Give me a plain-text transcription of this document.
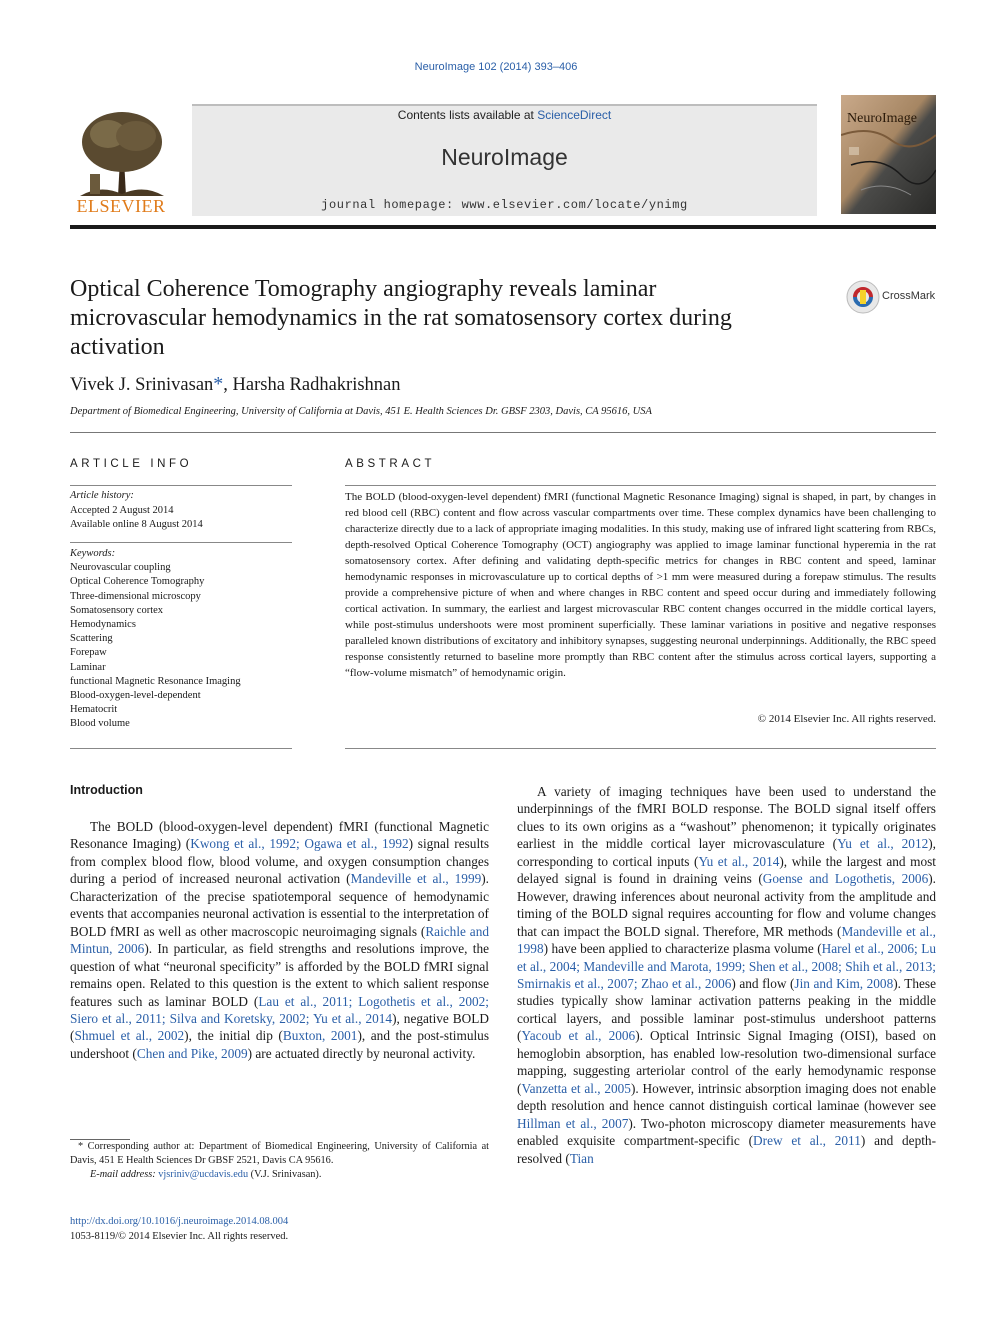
NeuroImage 102 (2014) 393–406
ELSEVIER
Contents lists available at ScienceDirect
NeuroImage
journal homepage: www.elsevier.com/locate/ynimg
NeuroImage
Optical Coherence Tomography angiography reveals laminar microvascular hemodynamics in the rat somatosensory cortex during activation
CrossMark
Vivek J. Srinivasan*, Harsha Radhakrishnan
Department of Biomedical Engineering, University of California at Davis, 451 E. Health Sciences Dr. GBSF 2303, Davis, CA 95616, USA
ARTICLE INFO
Article history:
Accepted 2 August 2014
Available online 8 August 2014
Keywords:
Neurovascular coupling
Optical Coherence Tomography
Three-dimensional microscopy
Somatosensory cortex
Hemodynamics
Scattering
Forepaw
Laminar
functional Magnetic Resonance Imaging
Blood-oxygen-level-dependent
Hematocrit
Blood volume
ABSTRACT
The BOLD (blood-oxygen-level dependent) fMRI (functional Magnetic Resonance Imaging) signal is shaped, in part, by changes in red blood cell (RBC) content and flow across vascular compartments over time. These complex dynamics have been challenging to characterize directly due to a lack of appropriate imaging modalities. In this study, making use of infrared light scattering from RBCs, depth-resolved Optical Coherence Tomography (OCT) angiography was applied to image laminar functional hyperemia in the rat somatosensory cortex. After defining and validating depth-specific metrics for changes in RBC content and speed, laminar hemodynamic responses in microvasculature up to cortical depths of >1 mm were measured during a forepaw stimulus. The results provide a comprehensive picture of when and where changes in RBC content and speed occur during and immediately following cortical activation. In summary, the earliest and largest microvascular RBC content changes occurred in the middle cortical layers, while post-stimulus undershoots were most prominent superficially. These laminar variations in positive and negative responses paralleled known distributions of excitatory and inhibitory synapses, suggesting neuronal underpinnings. Additionally, the RBC speed response consistently returned to baseline more promptly than RBC content after the stimulus across cortical layers, supporting a “flow-volume mismatch” of hemodynamic origin.
© 2014 Elsevier Inc. All rights reserved.
Introduction

The BOLD (blood-oxygen-level dependent) fMRI (functional Magnetic Resonance Imaging) (Kwong et al., 1992; Ogawa et al., 1992) signal results from complex blood flow, blood volume, and oxygen consumption changes during a period of increased neuronal activation (Mandeville et al., 1999). Characterization of the precise spatiotemporal sequence of hemodynamic events that accompanies neuronal activation is essential to the interpretation of BOLD fMRI as well as other macroscopic neuroimaging signals (Raichle and Mintun, 2006). In particular, as field strengths and resolutions improve, the question of what “neuronal specificity” is afforded by the BOLD fMRI signal remains open. Related to this question is the extent to which salient response features such as laminar BOLD (Lau et al., 2011; Logothetis et al., 2002; Siero et al., 2011; Silva and Koretsky, 2002; Yu et al., 2014), negative BOLD (Shmuel et al., 2002), the initial dip (Buxton, 2001), and the post-stimulus undershoot (Chen and Pike, 2009) are actuated directly by neuronal activity.

A variety of imaging techniques have been used to understand the underpinnings of the fMRI BOLD response. The BOLD signal itself offers clues to its own origins as a “washout” phenomenon; it typically originates earliest in the middle cortical layer microvasculature (Yu et al., 2012), corresponding to cortical inputs (Yu et al., 2014), while the largest and most delayed signal is found in draining veins (Goense and Logothetis, 2006). However, drawing inferences about neuronal activity from the amplitude and timing of the BOLD signal requires accounting for flow and volume changes that can impact the BOLD signal. Therefore, MR methods (Mandeville et al., 1998) have been applied to characterize plasma volume (Harel et al., 2006; Lu et al., 2004; Mandeville and Marota, 1999; Shen et al., 2008; Shih et al., 2013; Smirnakis et al., 2007; Zhao et al., 2006) and flow (Jin and Kim, 2008). These studies typically show laminar activation patterns peaking in the middle cortical layers, and possible laminar post-stimulus undershoot patterns (Yacoub et al., 2006). Optical Intrinsic Signal Imaging (OISI), based on hemoglobin absorption, has enabled low-resolution two-dimensional surface mapping, suggesting arteriolar control of the early hemodynamic response (Vanzetta et al., 2005). However, intrinsic absorption imaging does not enable depth resolution and hence cannot distinguish cortical laminae (however see Hillman et al., 2007). Two-photon microscopy diameter measurements have enabled exquisite compartment-specific (Drew et al., 2011) and depth-resolved (Tian

* Corresponding author at: Department of Biomedical Engineering, University of California at Davis, 451 E Health Sciences Dr GBSF 2521, Davis CA 95616.
E-mail address: vjsriniv@ucdavis.edu (V.J. Srinivasan).
http://dx.doi.org/10.1016/j.neuroimage.2014.08.004
1053-8119/© 2014 Elsevier Inc. All rights reserved.
